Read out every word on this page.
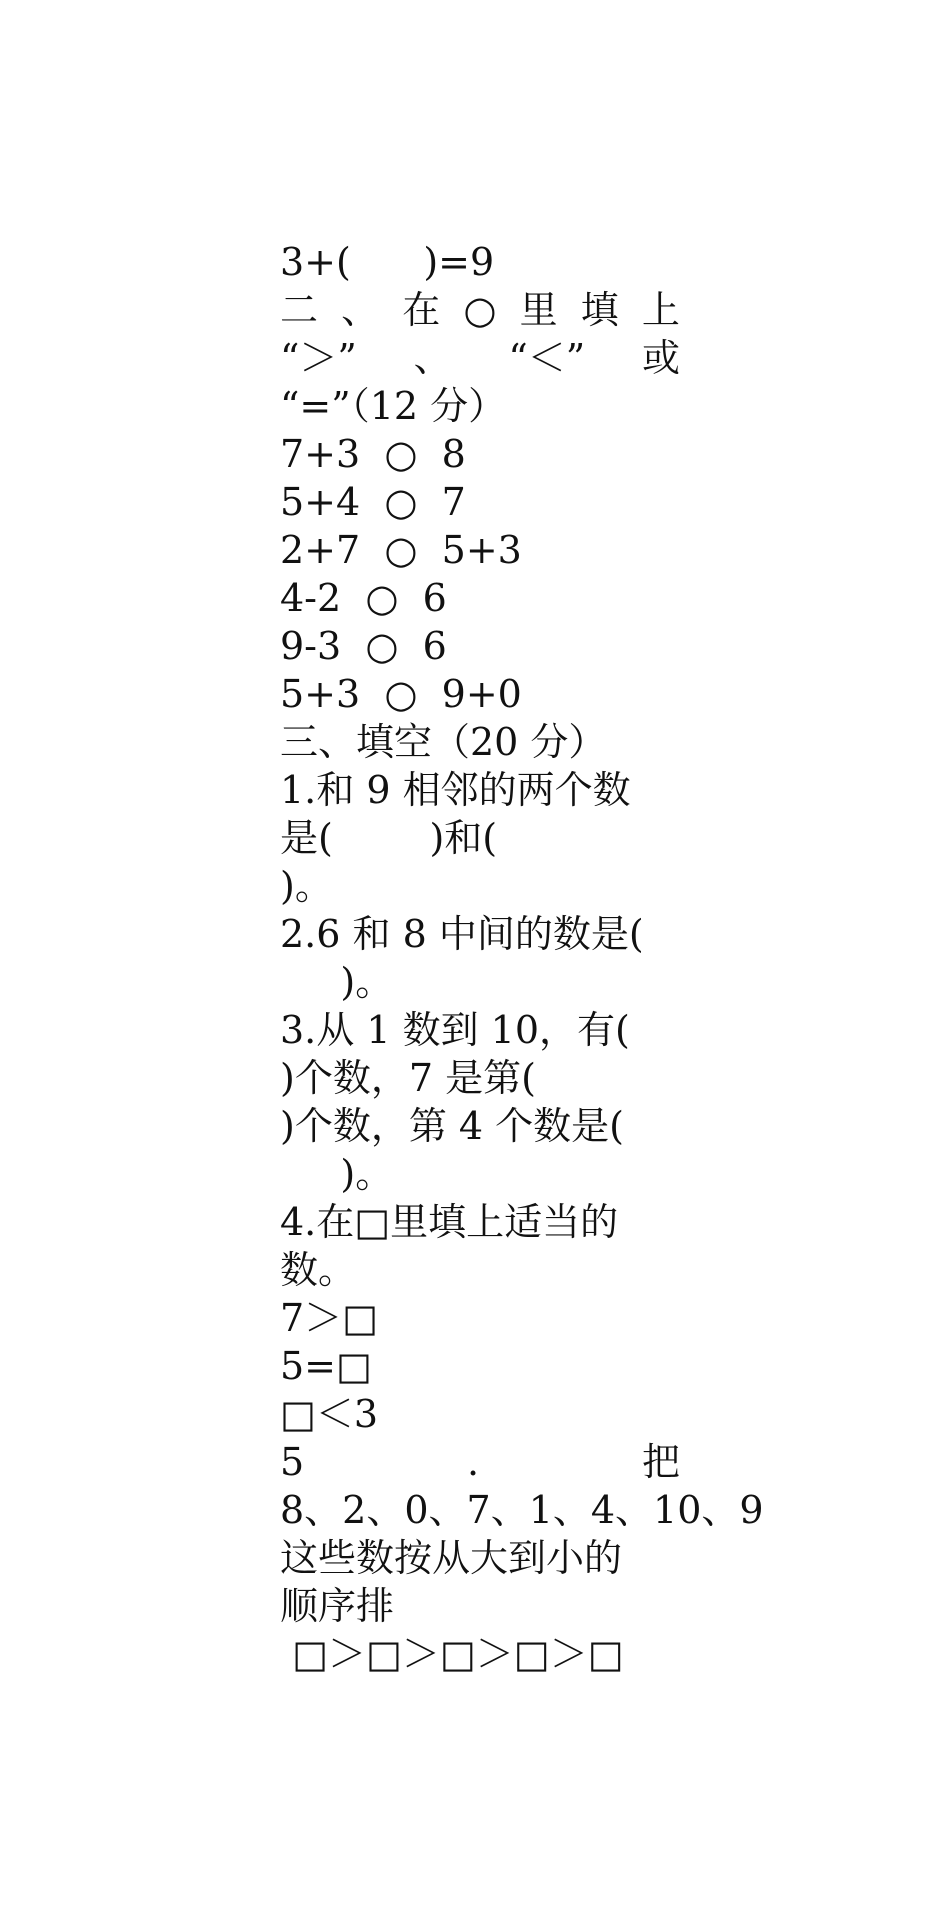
3+(      )=9
二 、 在 ○ 里 填 上
“＞” 、 “＜” 或
“=”（12 分）
7+3  ○  8
5+4  ○  7
2+7  ○  5+3
4-2  ○  6
9-3  ○  6
5+3  ○  9+0
三、填空（20 分）
1.和 9 相邻的两个数
是(        )和(
)。
2.6 和 8 中间的数是(
)。
3.从 1 数到 10，有(
)个数，7 是第(
)个数，第 4 个数是(
)。
4.在□里填上适当的
数。
7＞□
5=□
□＜3
5	.	把
8、2、0、7、1、4、10、9
这些数按从大到小的
顺序排
□＞□＞□＞□＞□
